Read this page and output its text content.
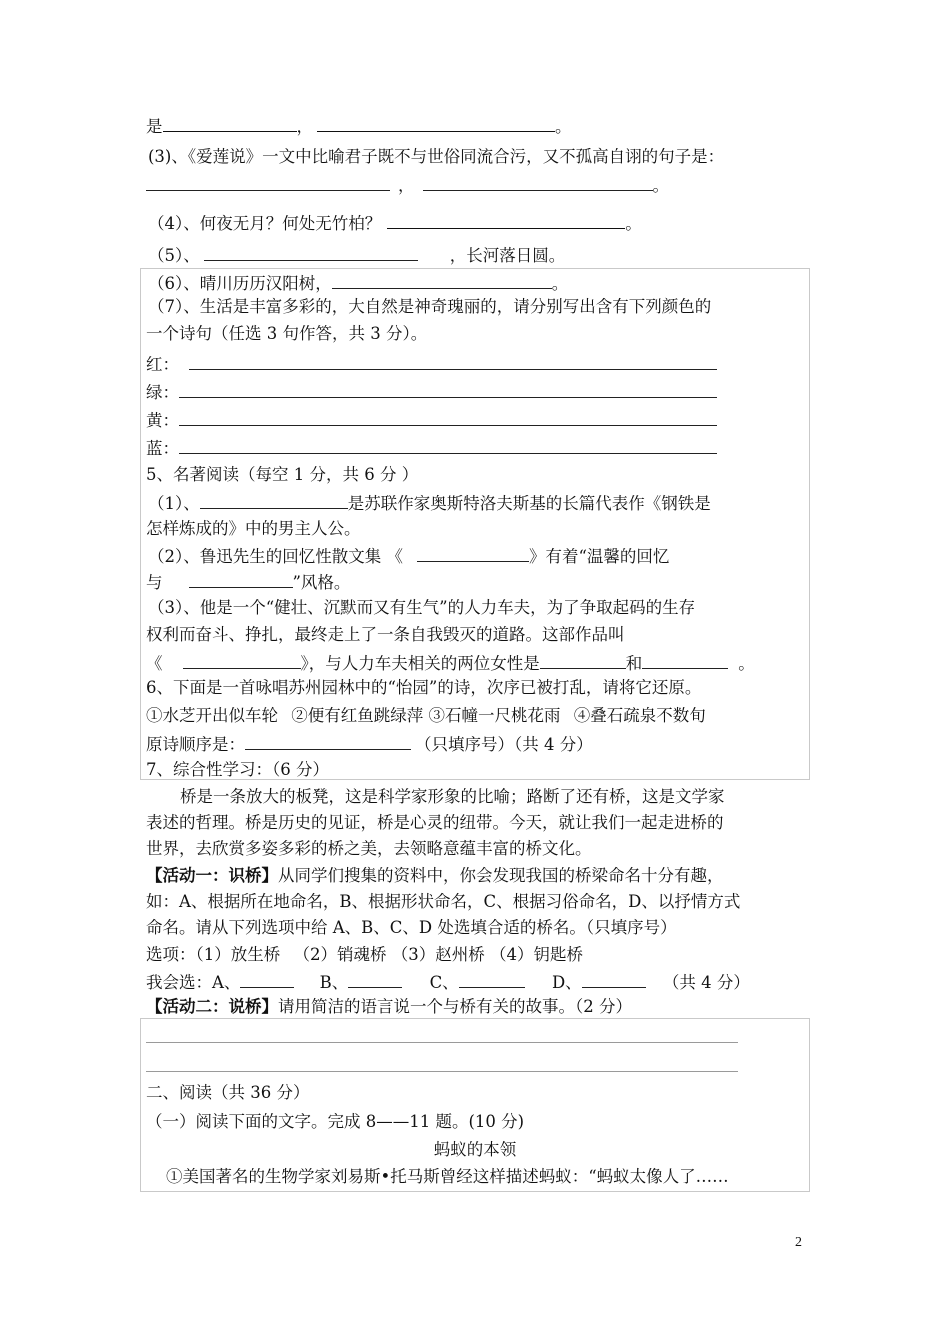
是	，	。
(3)、《爱莲说》一文中比喻君子既不与世俗同流合污，又不孤高自诩的句子是：
，	。
（4）、何夜无月？何处无竹柏？	。
（5）、	，长河落日圆。
（6）、晴川历历汉阳树，	。
（7）、生活是丰富多彩的，大自然是神奇瑰丽的，请分别写出含有下列颜色的
一个诗句（任选 3 句作答，共 3 分）。
红：
绿：
黄：
蓝：
5、名著阅读（每空 1 分，共 6 分 ）
（1）、	是苏联作家奥斯特洛夫斯基的长篇代表作《钢铁是
怎样炼成的》中的男主人公。
（2）、鲁迅先生的回忆性散文集 《	》有着“温馨的回忆
与	”风格。
（3）、他是一个“健壮、沉默而又有生气”的人力车夫，为了争取起码的生存
权利而奋斗、挣扎，最终走上了一条自我毁灭的道路。这部作品叫
《	》，与人力车夫相关的两位女性是	和	。
6、下面是一首咏唱苏州园林中的“怡园”的诗，次序已被打乱，请将它还原。
①水芝开出似车轮 ②便有红鱼跳绿萍 ③石幢一尺桃花雨 ④叠石疏泉不数旬
原诗顺序是：	（只填序号）（共 4 分）
7、综合性学习：（6 分）
桥是一条放大的板凳，这是科学家形象的比喻；路断了还有桥，这是文学家
表述的哲理。桥是历史的见证，桥是心灵的纽带。今天，就让我们一起走进桥的
世界，去欣赏多姿多彩的桥之美，去领略意蕴丰富的桥文化。
【活动一：识桥】从同学们搜集的资料中，你会发现我国的桥梁命名十分有趣，
如：A、根据所在地命名，B、根据形状命名，C、根据习俗命名，D、以抒情方式
命名。请从下列选项中给 A、B、C、D 处选填合适的桥名。（只填序号）
选项：（1）放生桥 （2）销魂桥 （3）赵州桥 （4）钥匙桥
我会选：A、	B、	C、	D、	（共 4 分）
【活动二：说桥】请用简洁的语言说一个与桥有关的故事。（2 分）
二、阅读（共 36 分）
（一）阅读下面的文字。完成 8——11 题。(10 分)
蚂蚁的本领
①美国著名的生物学家刘易斯•托马斯曾经这样描述蚂蚁：“蚂蚁太像人了……
2
